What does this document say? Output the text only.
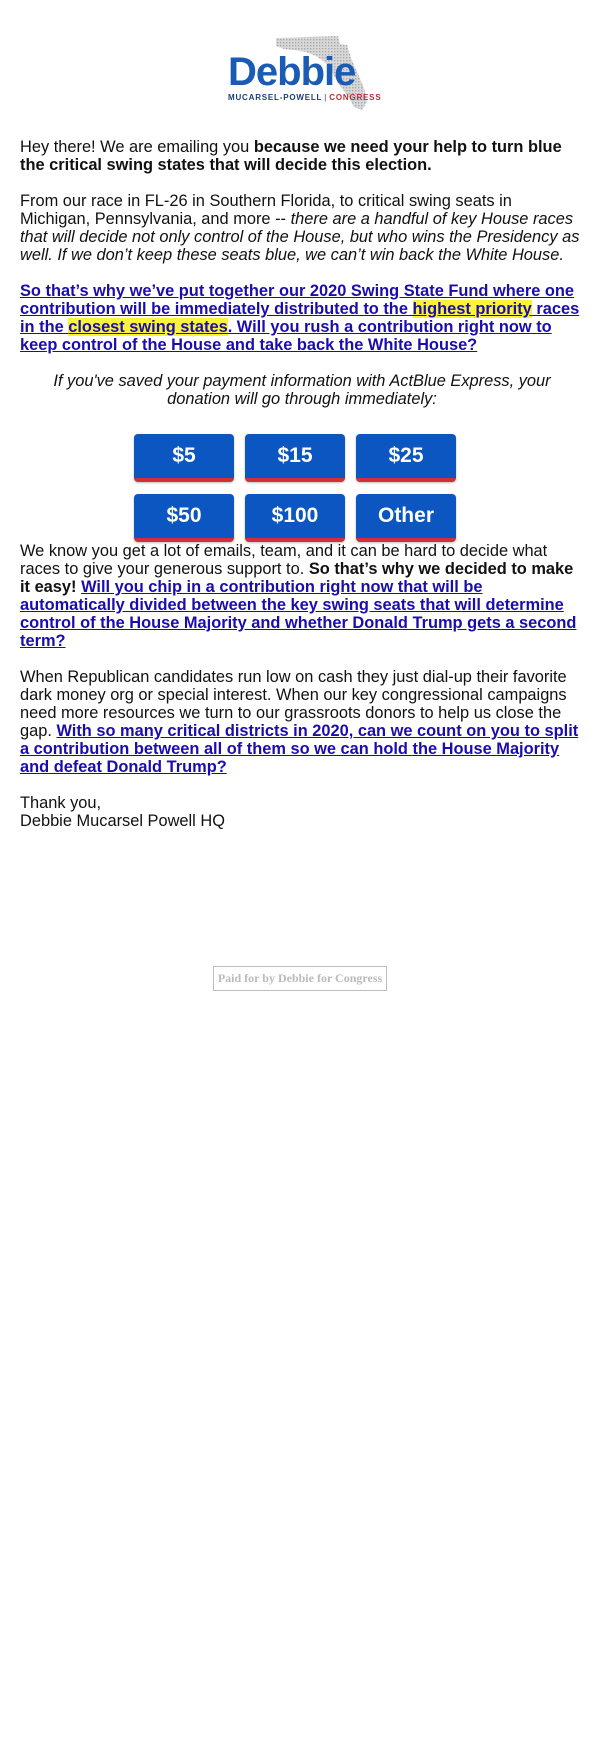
Debbie
MUCARSEL-POWELL | CONGRESS

Hey there! We are emailing you because we need your help to turn blue the critical swing states that will decide this election.

From our race in FL-26 in Southern Florida, to critical swing seats in Michigan, Pennsylvania, and more -- there are a handful of key House races that will decide not only control of the House, but who wins the Presidency as well. If we don’t keep these seats blue, we can’t win back the White House.

So that’s why we’ve put together our 2020 Swing State Fund where one contribution will be immediately distributed to the highest priority races in the closest swing states. Will you rush a contribution right now to keep control of the House and take back the White House?

If you've saved your payment information with ActBlue Express, your donation will go through immediately:

$5	$15	$25
$50	$100	Other

We know you get a lot of emails, team, and it can be hard to decide what races to give your generous support to. So that’s why we decided to make it easy! Will you chip in a contribution right now that will be automatically divided between the key swing seats that will determine control of the House Majority and whether Donald Trump gets a second term?

When Republican candidates run low on cash they just dial-up their favorite dark money org or special interest. When our key congressional campaigns need more resources we turn to our grassroots donors to help us close the gap. With so many critical districts in 2020, can we count on you to split a contribution between all of them so we can hold the House Majority and defeat Donald Trump?

Thank you,
Debbie Mucarsel Powell HQ

Paid for by Debbie for Congress
